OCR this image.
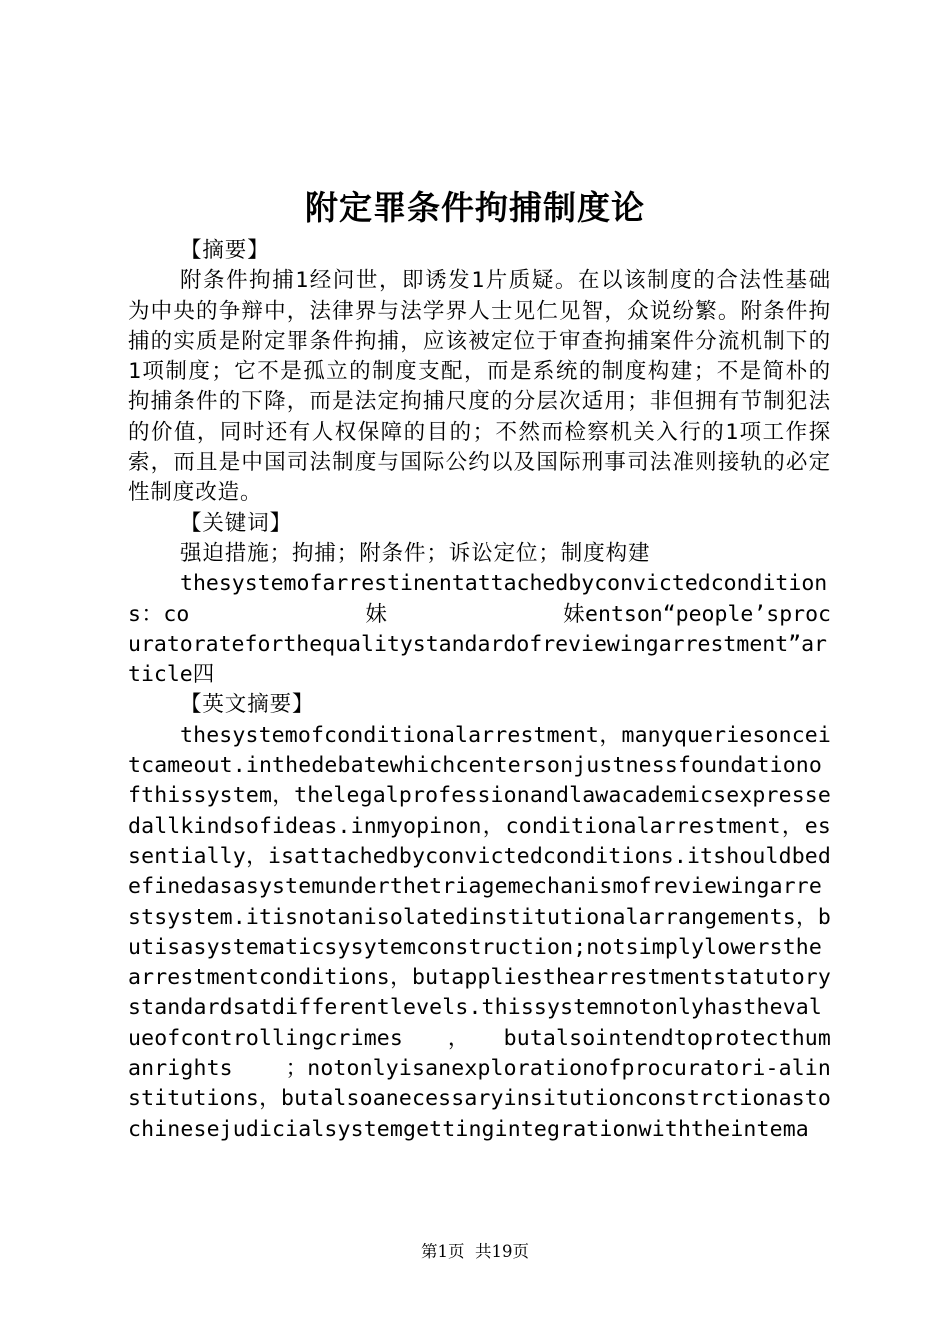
附定罪条件拘捕制度论

【摘要】

附条件拘捕1经问世，即诱发1片质疑。在以该制度的合法性基础为中央的争辩中，法律界与法学界人士见仁见智，众说纷繁。附条件拘捕的实质是附定罪条件拘捕，应该被定位于审查拘捕案件分流机制下的1项制度；它不是孤立的制度支配，而是系统的制度构建；不是简朴的拘捕条件的下降，而是法定拘捕尺度的分层次适用；非但拥有节制犯法的价值，同时还有人权保障的目的；不然而检察机关入行的1项工作探索，而且是中国司法制度与国际公约以及国际刑事司法准则接轨的必定性制度改造。

【关键词】

强迫措施；拘捕；附条件；诉讼定位；制度构建

thesystemofarrestinentattachedbyconvictedconditions：co　　　　　　　　妹　　　　　　　　妹entson“people’sprocuratorateforthequalitystandardofreviewingarrestment”article四

【英文摘要】

thesystemofconditionalarrestment，manyqueriesonceitcameout.inthedebatewhichcentersonjustnessfoundationofthissystem，thelegalprofessionandlawacademicsexpressedallkindsofideas.inmyopinon，conditionalarrestment，essentially，isattachedbyconvictedconditions.itshouldbedefinedasasystemunderthetriagemechanismofreviewingarrestsystem.itisnotanisolatedinstitutionalarrangements，butisasystematicsysytemconstruction;notsimplylowersthearrestmentconditions，butappliesthearrestmentstatutorystandardsatdifferentlevels.thissystemnotonlyhasthevalueofcontrollingcrimes　　，　　butalsointendtoprotecthumanrights　　；notonlyisanexplorationofprocuratori-alinstitutions，butalsoanecessaryinsitutionconstrctionastochinesejudicialsystemgettingintegrationwiththeintema

第1页 共19页
